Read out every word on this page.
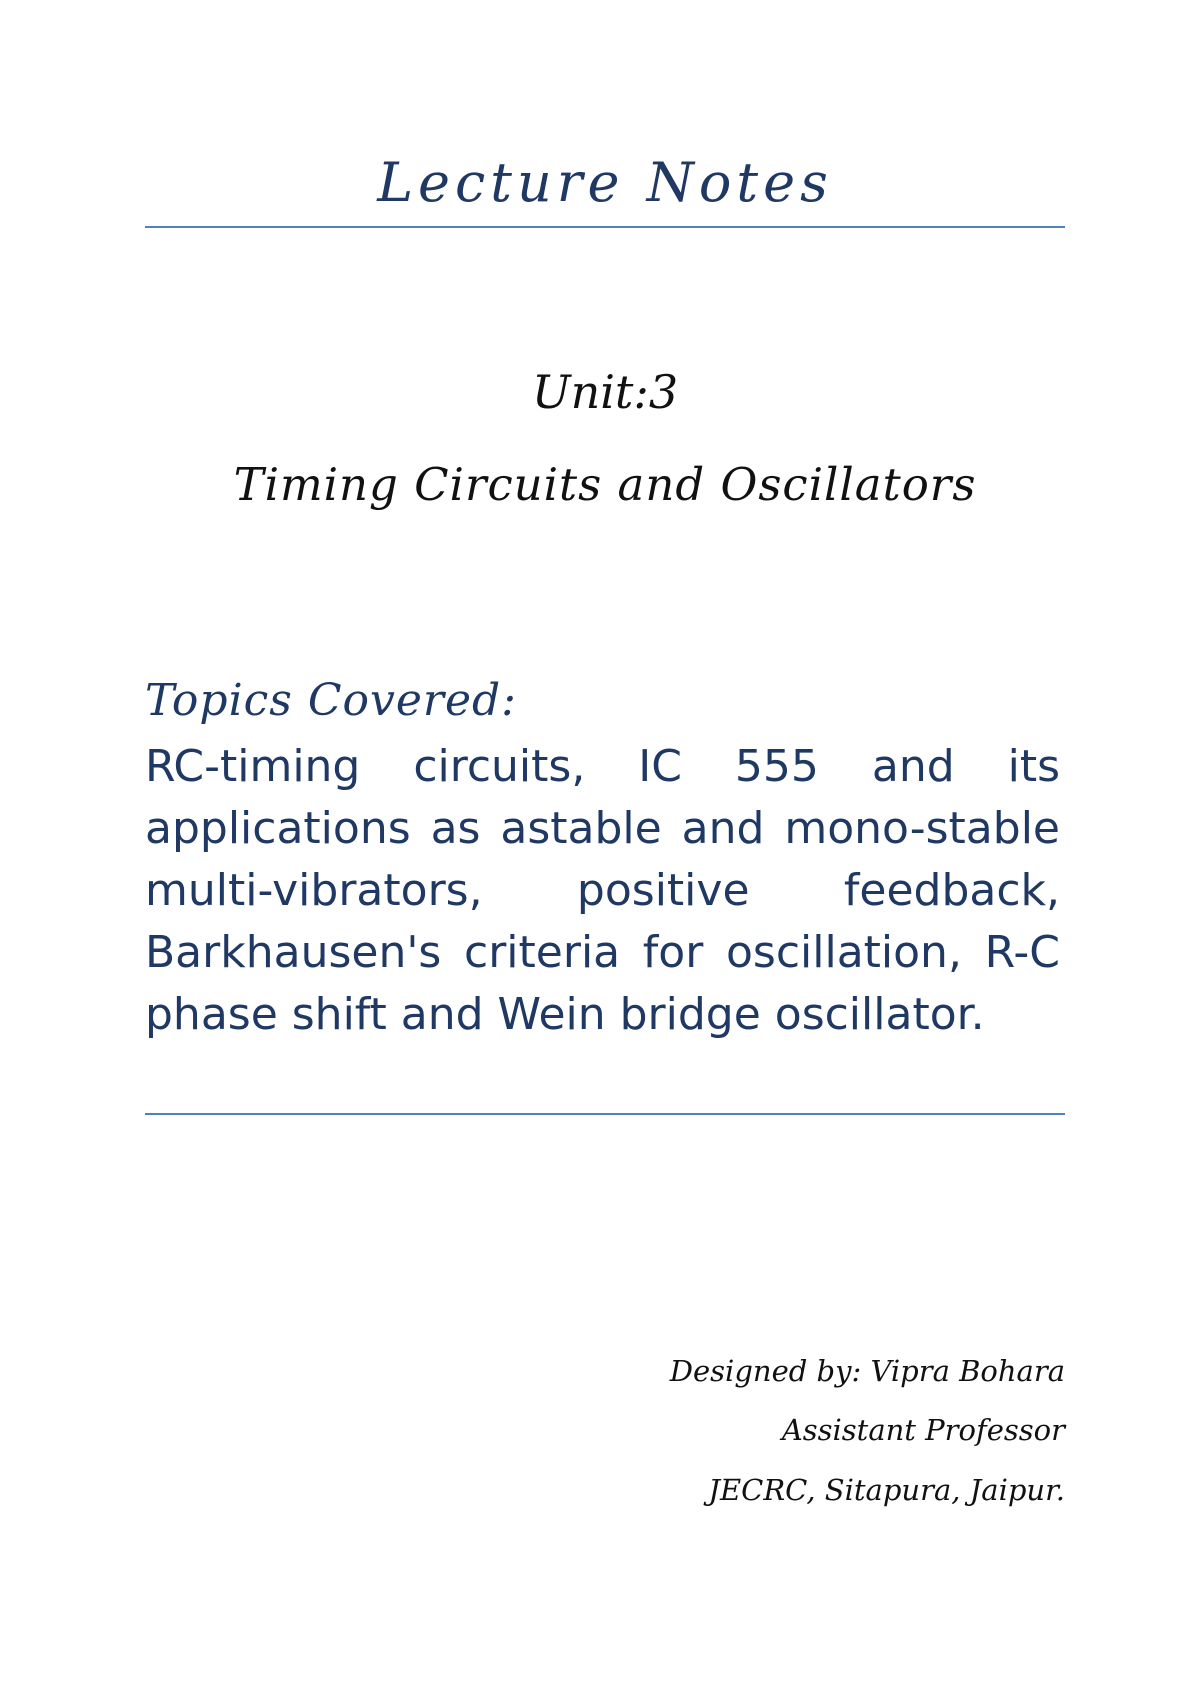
Lecture Notes
Unit:3
Timing Circuits and Oscillators
Topics Covered:

RC-timing circuits, IC 555 and its applications as astable and mono-stable multi-vibrators, positive feedback, Barkhausen's criteria for oscillation, R-C phase shift and Wein bridge oscillator.

Designed by: Vipra Bohara
Assistant Professor
JECRC, Sitapura, Jaipur.
